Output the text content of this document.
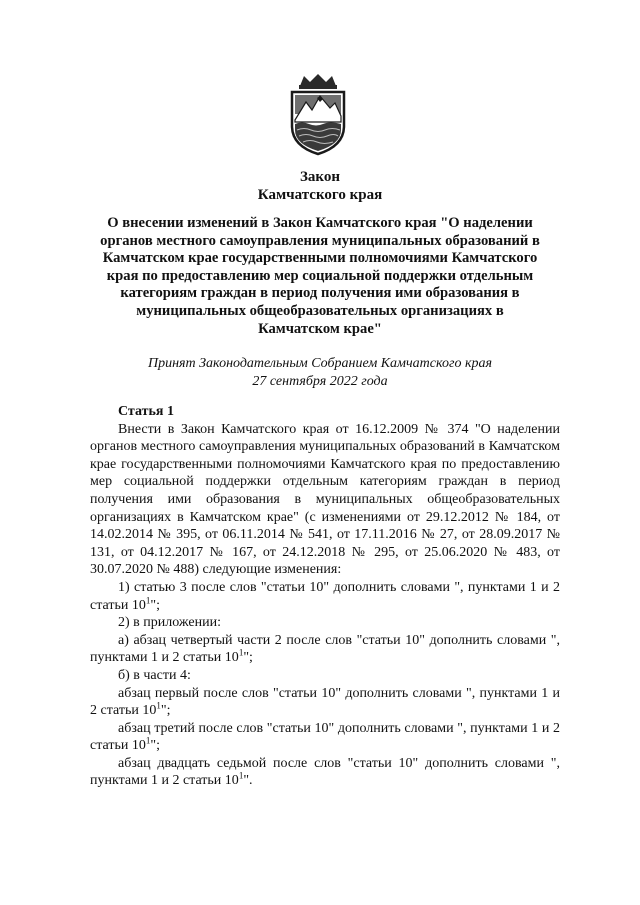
Закон
Камчатского края
О внесении изменений в Закон Камчатского края "О наделении
органов местного самоуправления муниципальных образований в
Камчатском крае государственными полномочиями Камчатского
края по предоставлению мер социальной поддержки отдельным
категориям граждан в период получения ими образования в
муниципальных общеобразовательных организациях в
Камчатском крае"
Принят Законодательным Собранием Камчатского края
27 сентября 2022 года

Статья 1

Внести в Закон Камчатского края от 16.12.2009 № 374 "О наделении органов местного самоуправления муниципальных образований в Камчатском крае государственными полномочиями Камчатского края по предоставлению мер социальной поддержки отдельным категориям граждан в период получения ими образования в муниципальных общеобразовательных организациях в Камчатском крае" (с изменениями от 29.12.2012 № 184, от 14.02.2014 № 395, от 06.11.2014 № 541, от 17.11.2016 № 27, от 28.09.2017 № 131, от 04.12.2017 № 167, от 24.12.2018 № 295, от 25.06.2020 № 483, от 30.07.2020 № 488) следующие изменения:

1) статью 3 после слов "статьи 10" дополнить словами ", пунктами 1 и 2 статьи $10^1$";

2) в приложении:

а) абзац четвертый части 2 после слов "статьи 10" дополнить словами ", пунктами 1 и 2 статьи $10^1$";

б) в части 4:

абзац первый после слов "статьи 10" дополнить словами ", пунктами 1 и 2 статьи $10^1$";

абзац третий после слов "статьи 10" дополнить словами ", пунктами 1 и 2 статьи $10^1$";

абзац двадцать седьмой после слов "статьи 10" дополнить словами ", пунктами 1 и 2 статьи $10^1$".
